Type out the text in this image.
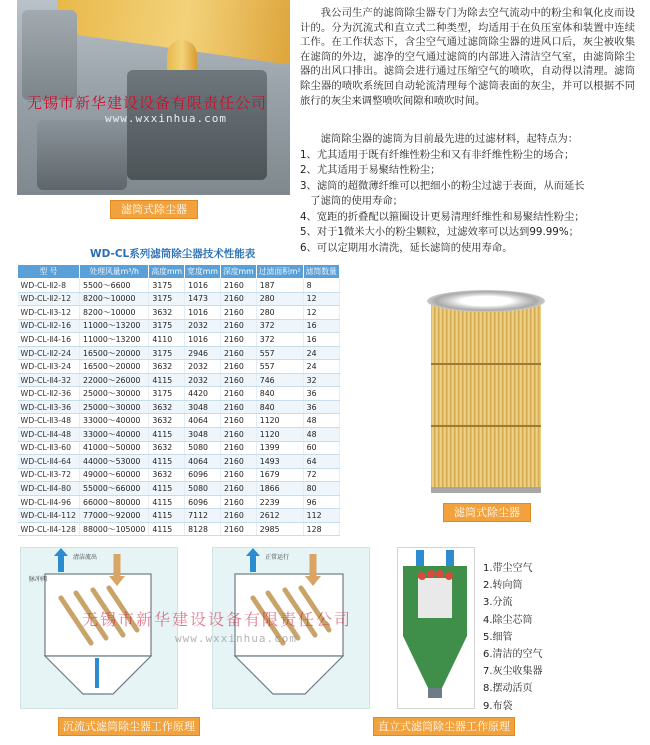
无锡市新华建设设备有限责任公司
www.wxxinhua.com
滤筒式除尘器

我公司生产的滤筒除尘器专门为除去空气流动中的粉尘和氧化皮而设计的。分为沉流式和直立式二种类型，均适用于在负压室体和装置中连续工作。在工作状态下，含尘空气通过滤筒除尘器的进风口后，灰尘被收集在滤筒的外边，滤净的空气通过滤筒的内部进入清洁空气室，由滤筒除尘器的出风口排出。滤筒会进行通过压缩空气的喷吹，自动得以清理。滤筒除尘器的喷吹系统回自动轮流清理每个滤筒表面的灰尘，并可以根据不同旅行的灰尘来调整喷吹间隙和喷吹时间。

滤筒除尘器的滤筒为目前最先进的过滤材料，起特点为：

1、尤其适用于既有纤维性粉尘和又有非纤维性粉尘的场合；
2、尤其适用于易聚结性粉尘；
3、滤筒的超微薄纤维可以把细小的粉尘过滤于表面，从而延长
了滤筒的使用寿命；
4、宽距的折叠配以箍圈设计更易清理纤维性和易聚结性粉尘；
5、对于1微米大小的粉尘颗粒，过滤效率可以达到99.99%；
6、可以定期用水清洗，延长滤筒的使用寿命。
WD-CL系列滤筒除尘器技术性能表
型 号	处理风量m³/h	高度mm	宽度mm	深度mm	过滤面积m²	滤筒数量
WD-CL-Ⅱ2-8	5500～6600	3175	1016	2160	187	8
WD-CL-Ⅱ2-12	8200～10000	3175	1473	2160	280	12
WD-CL-Ⅱ3-12	8200～10000	3632	1016	2160	280	12
WD-CL-Ⅱ2-16	11000～13200	3175	2032	2160	372	16
WD-CL-Ⅱ4-16	11000～13200	4110	1016	2160	372	16
WD-CL-Ⅱ2-24	16500～20000	3175	2946	2160	557	24
WD-CL-Ⅱ3-24	16500～20000	3632	2032	2160	557	24
WD-CL-Ⅱ4-32	22000～26000	4115	2032	2160	746	32
WD-CL-Ⅱ2-36	25000～30000	3175	4420	2160	840	36
WD-CL-Ⅱ3-36	25000～30000	3632	3048	2160	840	36
WD-CL-Ⅱ3-48	33000～40000	3632	4064	2160	1120	48
WD-CL-Ⅱ4-48	33000～40000	4115	3048	2160	1120	48
WD-CL-Ⅱ3-60	41000～50000	3632	5080	2160	1399	60
WD-CL-Ⅱ4-64	44000～53000	4115	4064	2160	1493	64
WD-CL-Ⅱ3-72	49000～60000	3632	6096	2160	1679	72
WD-CL-Ⅱ4-80	55000～66000	4115	5080	2160	1866	80
WD-CL-Ⅱ4-96	66000～80000	4115	6096	2160	2239	96
WD-CL-Ⅱ4-112	77000～92000	4115	7112	2160	2612	112
WD-CL-Ⅱ4-128	88000～105000	4115	8128	2160	2985	128
滤筒式除尘器
清洁流出
脉冲阀
正常运行
1.带尘空气
2.转向筒
3.分流
4.除尘芯筒
5.细管
6.清洁的空气
7.灰尘收集器
8.摆动活页
9.布袋
无锡市新华建设设备有限责任公司
www.wxxinhua.com
沉流式滤筒除尘器工作原理	直立式滤筒除尘器工作原理
